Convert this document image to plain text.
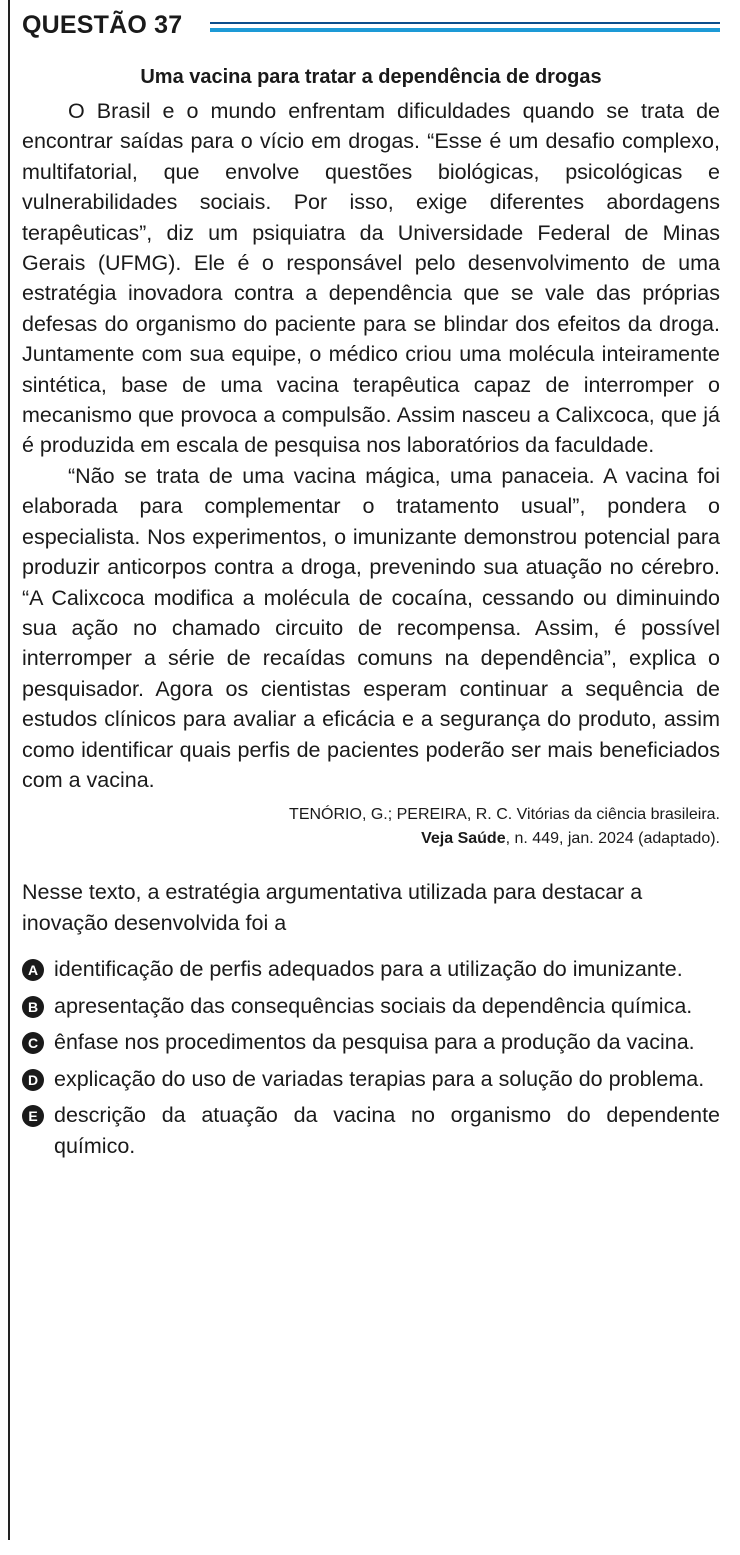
QUESTÃO 37
Uma vacina para tratar a dependência de drogas

O Brasil e o mundo enfrentam dificuldades quando se trata de encontrar saídas para o vício em drogas. “Esse é um desafio complexo, multifatorial, que envolve questões biológicas, psicológicas e vulnerabilidades sociais. Por isso, exige diferentes abordagens terapêuticas”, diz um psiquiatra da Universidade Federal de Minas Gerais (UFMG). Ele é o responsável pelo desenvolvimento de uma estratégia inovadora contra a dependência que se vale das próprias defesas do organismo do paciente para se blindar dos efeitos da droga. Juntamente com sua equipe, o médico criou uma molécula inteiramente sintética, base de uma vacina terapêutica capaz de interromper o mecanismo que provoca a compulsão. Assim nasceu a Calixcoca, que já é produzida em escala de pesquisa nos laboratórios da faculdade.

“Não se trata de uma vacina mágica, uma panaceia. A vacina foi elaborada para complementar o tratamento usual”, pondera o especialista. Nos experimentos, o imunizante demonstrou potencial para produzir anticorpos contra a droga, prevenindo sua atuação no cérebro. “A Calixcoca modifica a molécula de cocaína, cessando ou diminuindo sua ação no chamado circuito de recompensa. Assim, é possível interromper a série de recaídas comuns na dependência”, explica o pesquisador. Agora os cientistas esperam continuar a sequência de estudos clínicos para avaliar a eficácia e a segurança do produto, assim como identificar quais perfis de pacientes poderão ser mais beneficiados com a vacina.

TENÓRIO, G.; PEREIRA, R. C. Vitórias da ciência brasileira.
Veja Saúde, n. 449, jan. 2024 (adaptado).
Nesse texto, a estratégia argumentativa utilizada para destacar a inovação desenvolvida foi a
A identificação de perfis adequados para a utilização do imunizante.
B apresentação das consequências sociais da dependência química.
C ênfase nos procedimentos da pesquisa para a produção da vacina.
D explicação do uso de variadas terapias para a solução do problema.
E descrição da atuação da vacina no organismo do dependente químico.
